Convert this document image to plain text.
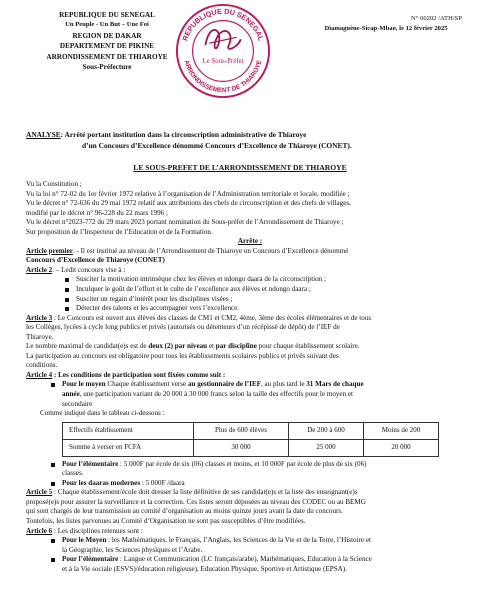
REPUBLIQUE DU SENEGAL
Un Peuple - Un But – Une Foi
REGION DE DAKAR
DEPARTEMENT DE PIKINE
ARRONDISSEMENT DE THIAROYE
Sous-Préfecture
REPUBLIQUE DU SENEGAL
ARRONDISSEMENT DE THIAROYE
Le Sous-Préfet
N° 00202 /ATH/SP
Diamaguène-Sicap-Mbao, le 12 février 2025
ANALYSE: Arrêté portant institution dans la circonscription administrative de Thiaroye
d’un Concours d’Excellence dénommé Concours d’Excellence de Thiaroye (CONET).
LE SOUS-PREFET DE L’ARRONDISSEMENT DE THIAROYE

Vu la Constitution ;

Vu la loi n° 72-02 du 1er février 1972 relative à l’organisation de l’Administration territoriale et locale, modifiée ;

Vu le décret n° 72-636 du 29 mai 1972 relatif aux attributions des chefs de circonscription et des chefs de villages,

modifié par le décret n° 96-228 du 22 mars 1996 ;

Vu le décret n°2023-772 du 29 mars 2023 portant nomination du Sous-préfet de l’Arrondissement de Thiaroye ;

Sur proposition de l’Inspecteur de l’Education et de la Formation.

Arrête :

Article premier. - Il est institué au niveau de l’Arrondissement de Thiaroye un Concours d’Excellence dénommé

Concours d’Excellence de Thiaroye (CONET)

Article 2. – Ledit concours vise à :

Susciter la motivation intrinsèque chez les élèves et ndongo daara de la circonscription ;
Inculquer le goût de l’effort et le culte de l’excellence aux élèves et ndongo daara ;
Susciter un regain d’intérêt pour les disciplines visées ;
Détecter des talents et les accompagner vers l’excellence.

Article 3 : Le Concours est ouvert aux élèves des classes de CM1 et CM2, 4ème, 3ème des écoles élémentaires et de tous

les Collèges, lycées à cycle long publics et privés (autorisés ou détenteurs d’un récépissé de dépôt) de l’IEF de

Thiaroye.

Le nombre maximal de candidat(e)s est de deux (2) par niveau et par discipline pour chaque établissement scolaire.

La participation au concours est obligatoire pour tous les établissements scolaires publics et privés suivant des

conditions.

Article 4 : Les conditions de participation sont fixées comme suit :

Pour le moyen Chaque établissement verse au gestionnaire de l’IEF, au plus tard le 31 Mars de chaque
année, une participation variant de 20 000 à 30 000 francs selon la taille des effectifs pour le moyen et
secondaire

Comme indiqué dans le tableau ci-dessous :

Effectifs établissement	Plus de 600 élèves	De 200 à 600	Moins de 200
Somme à verser en FCFA	30 000	25 000	20 000
Pour l’élémentaire : 5 000F par école de six (06) classes et moins, et 10 000F par école de plus de six (06)
classes.
Pour les daaras modernes : 5 000F /daara

Article 5 : Chaque établissement/école doit dresser la liste définitive de ses candidat(e)s et la liste des enseignant(e)s

proposé(e)s pour assurer la surveillance et la correction. Ces listes seront déposées au niveau des CODEC ou au BEMG

qui sont chargés de leur transmission au comité d’organisation au moins quinze jours avant la date du concours.

Toutefois, les listes parvenues au Comité d’Organisation ne sont pas susceptibles d’être modifiées.

Article 6 : Les disciplines retenues sont :

Pour le Moyen : les Mathématiques, le Français, l’Anglais, les Sciences de la Vie et de la Terre, l’Histoire et
la Géographie, les Sciences physiques et l’Arabe.
Pour l’élémentaire : Langue et Communication (LC français/arabe), Mathématiques, Education à la Science
et à la Vie sociale (ESVS)/éducation religieuse), Education Physique, Sportive et Artistique (EPSA).
